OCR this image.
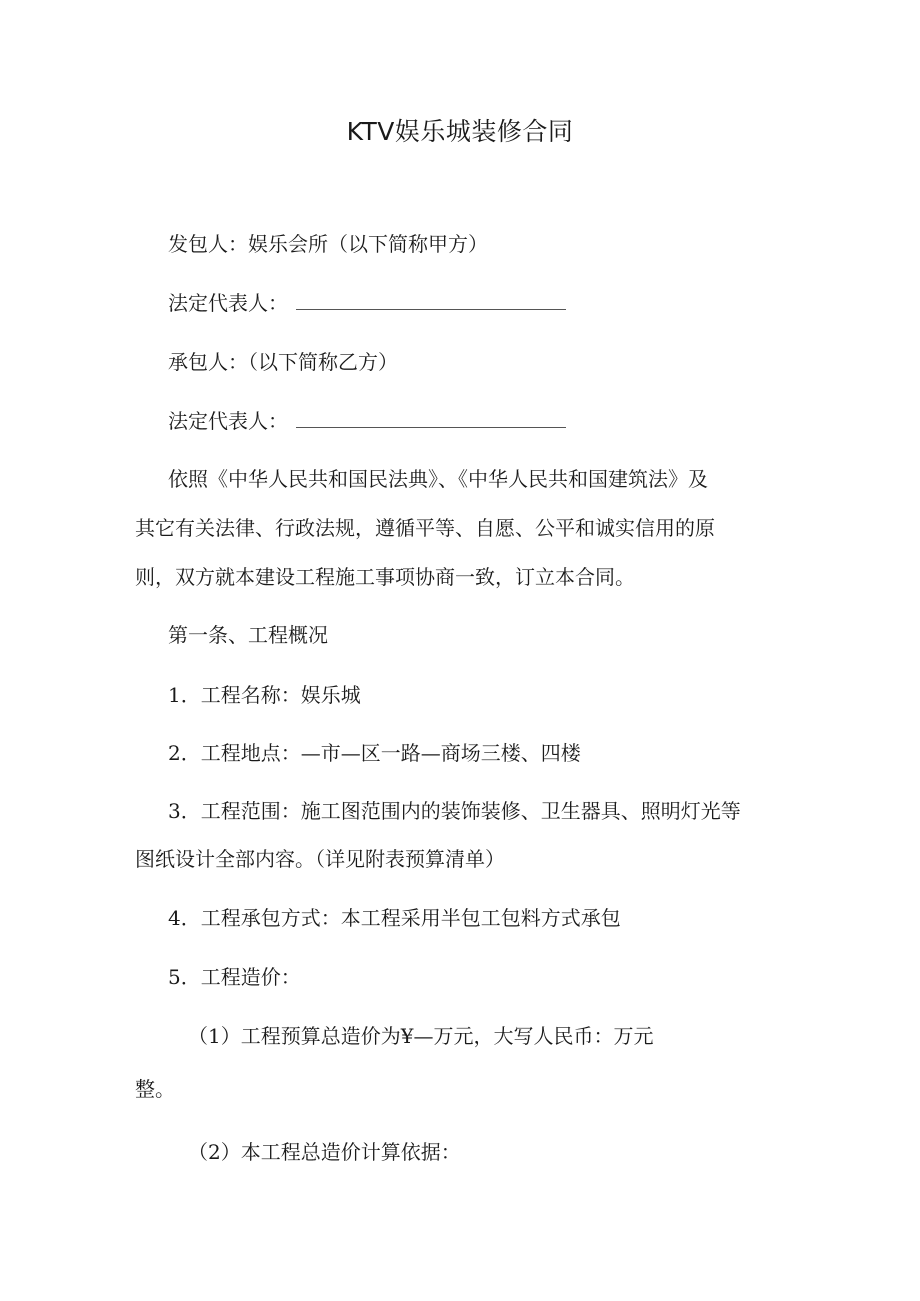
KTV娱乐城装修合同
发包人：娱乐会所（以下简称甲方）
法定代表人：
承包人：（以下简称乙方）
法定代表人：
依照《中华人民共和国民法典》、《中华人民共和国建筑法》及
其它有关法律、行政法规，遵循平等、自愿、公平和诚实信用的原
则，双方就本建设工程施工事项协商一致，订立本合同。
第一条、工程概况
1．工程名称：娱乐城
2．工程地点：—市—区一路—商场三楼、四楼
3．工程范围：施工图范围内的装饰装修、卫生器具、照明灯光等
图纸设计全部内容。（详见附表预算清单）
4．工程承包方式：本工程采用半包工包料方式承包
5．工程造价：
（1）工程预算总造价为¥—万元，大写人民币：万元
整。
（2）本工程总造价计算依据：
